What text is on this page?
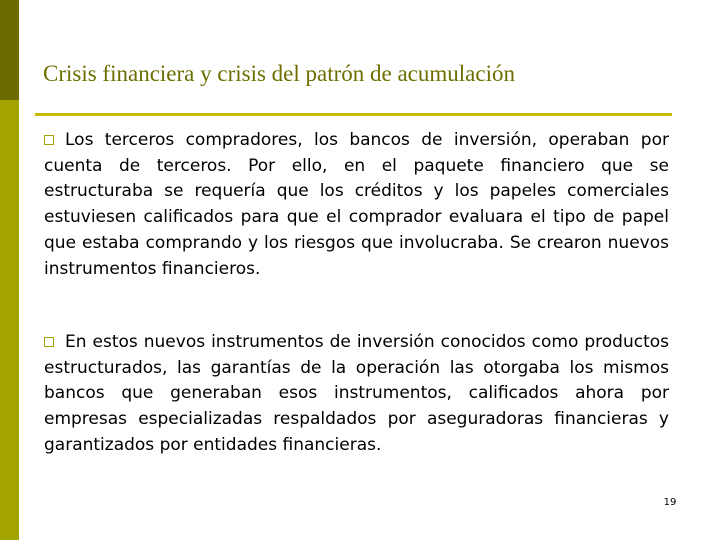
Crisis financiera y crisis del patrón de acumulación

Los terceros compradores, los bancos de inversión, operaban por cuenta de terceros. Por ello, en el paquete financiero que se estructuraba se requería que los créditos y los papeles comerciales estuviesen calificados para que el comprador evaluara el tipo de papel que estaba comprando y los riesgos que involucraba. Se crearon nuevos instrumentos financieros.

En estos nuevos instrumentos de inversión conocidos como productos estructurados, las garantías de la operación las otorgaba los mismos bancos que generaban esos instrumentos, calificados ahora por empresas especializadas respaldados por aseguradoras financieras y garantizados por entidades financieras.

19
